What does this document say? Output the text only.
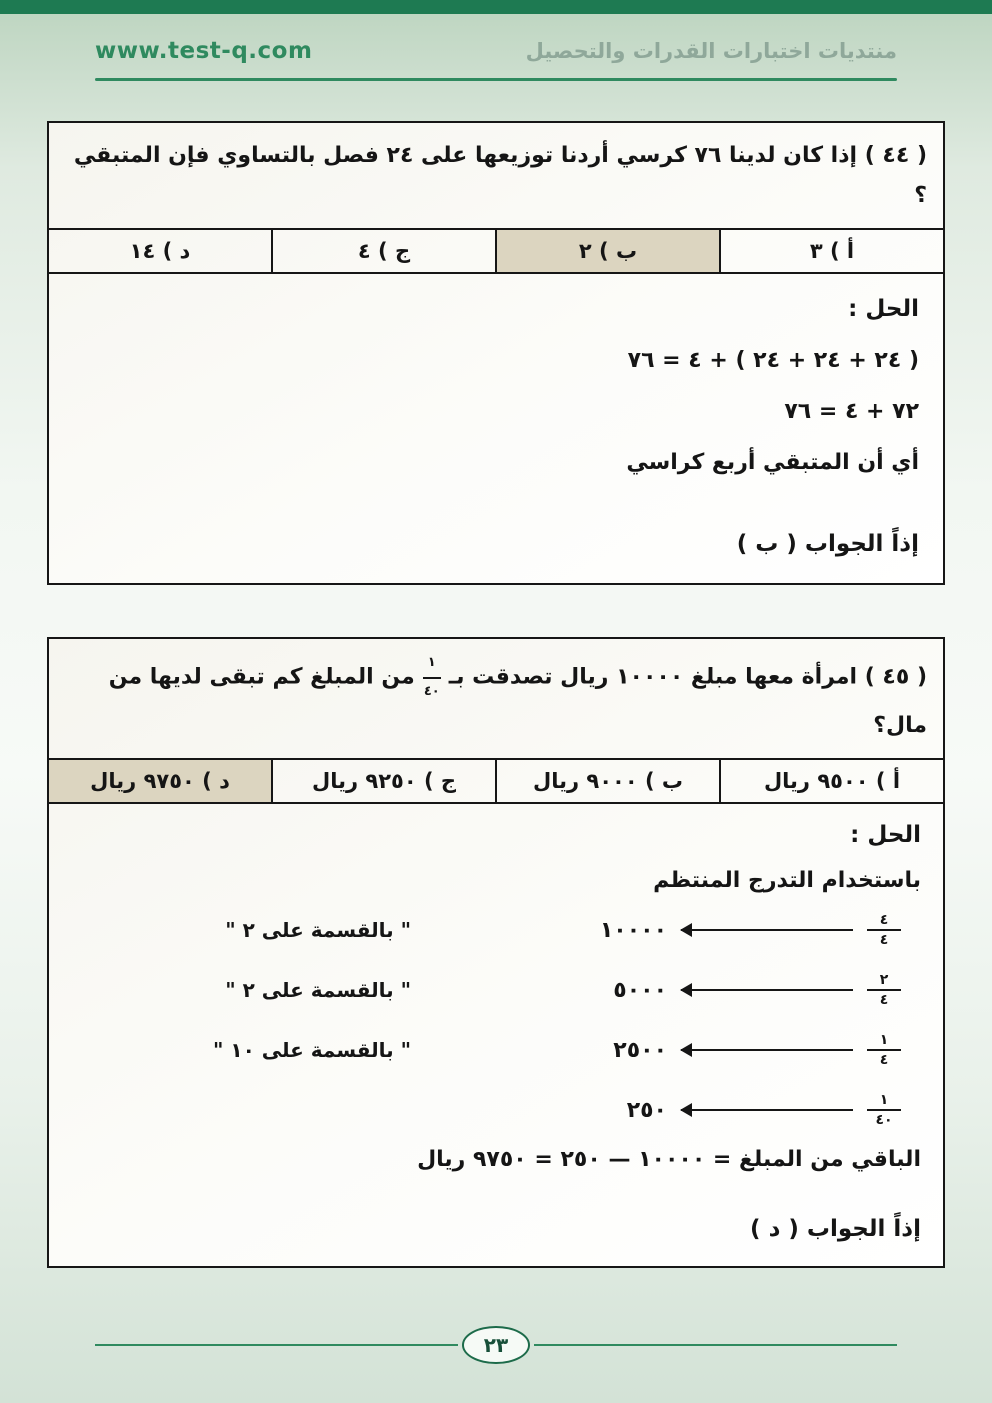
www.test-q.com	منتديات اختبارات القدرات والتحصيل
( ٤٤ ) إذا كان لدينا ٧٦ كرسي أردنا توزيعها على ٢٤ فصل بالتساوي فإن المتبقي ؟
أ ) ٣
ب ) ٢
ج ) ٤
د ) ١٤
الحل :
( ٢٤ + ٢٤ + ٢٤ ) + ٤ = ٧٦
٧٢ + ٤ = ٧٦
أي أن المتبقي أربع كراسي
إذاً الجواب ( ب )
( ٤٥ ) امرأة معها مبلغ ١٠٠٠٠ ريال تصدقت بـ
$\frac{١}{٤٠}$
من المبلغ كم تبقى لديها من
مال؟
أ ) ٩٥٠٠ ريال
ب ) ٩٠٠٠ ريال
ج ) ٩٢٥٠ ريال
د ) ٩٧٥٠ ريال
الحل :
باستخدام التدرج المنتظم
$\frac{٤}{٤}$
١٠٠٠٠
" بالقسمة على ٢ "
$\frac{٢}{٤}$
٥٠٠٠
" بالقسمة على ٢ "
$\frac{١}{٤}$
٢٥٠٠
" بالقسمة على ١٠ "
$\frac{١}{٤٠}$
٢٥٠
الباقي من المبلغ = ١٠٠٠٠ — ٢٥٠ = ٩٧٥٠ ريال
إذاً الجواب ( د )
٢٣
